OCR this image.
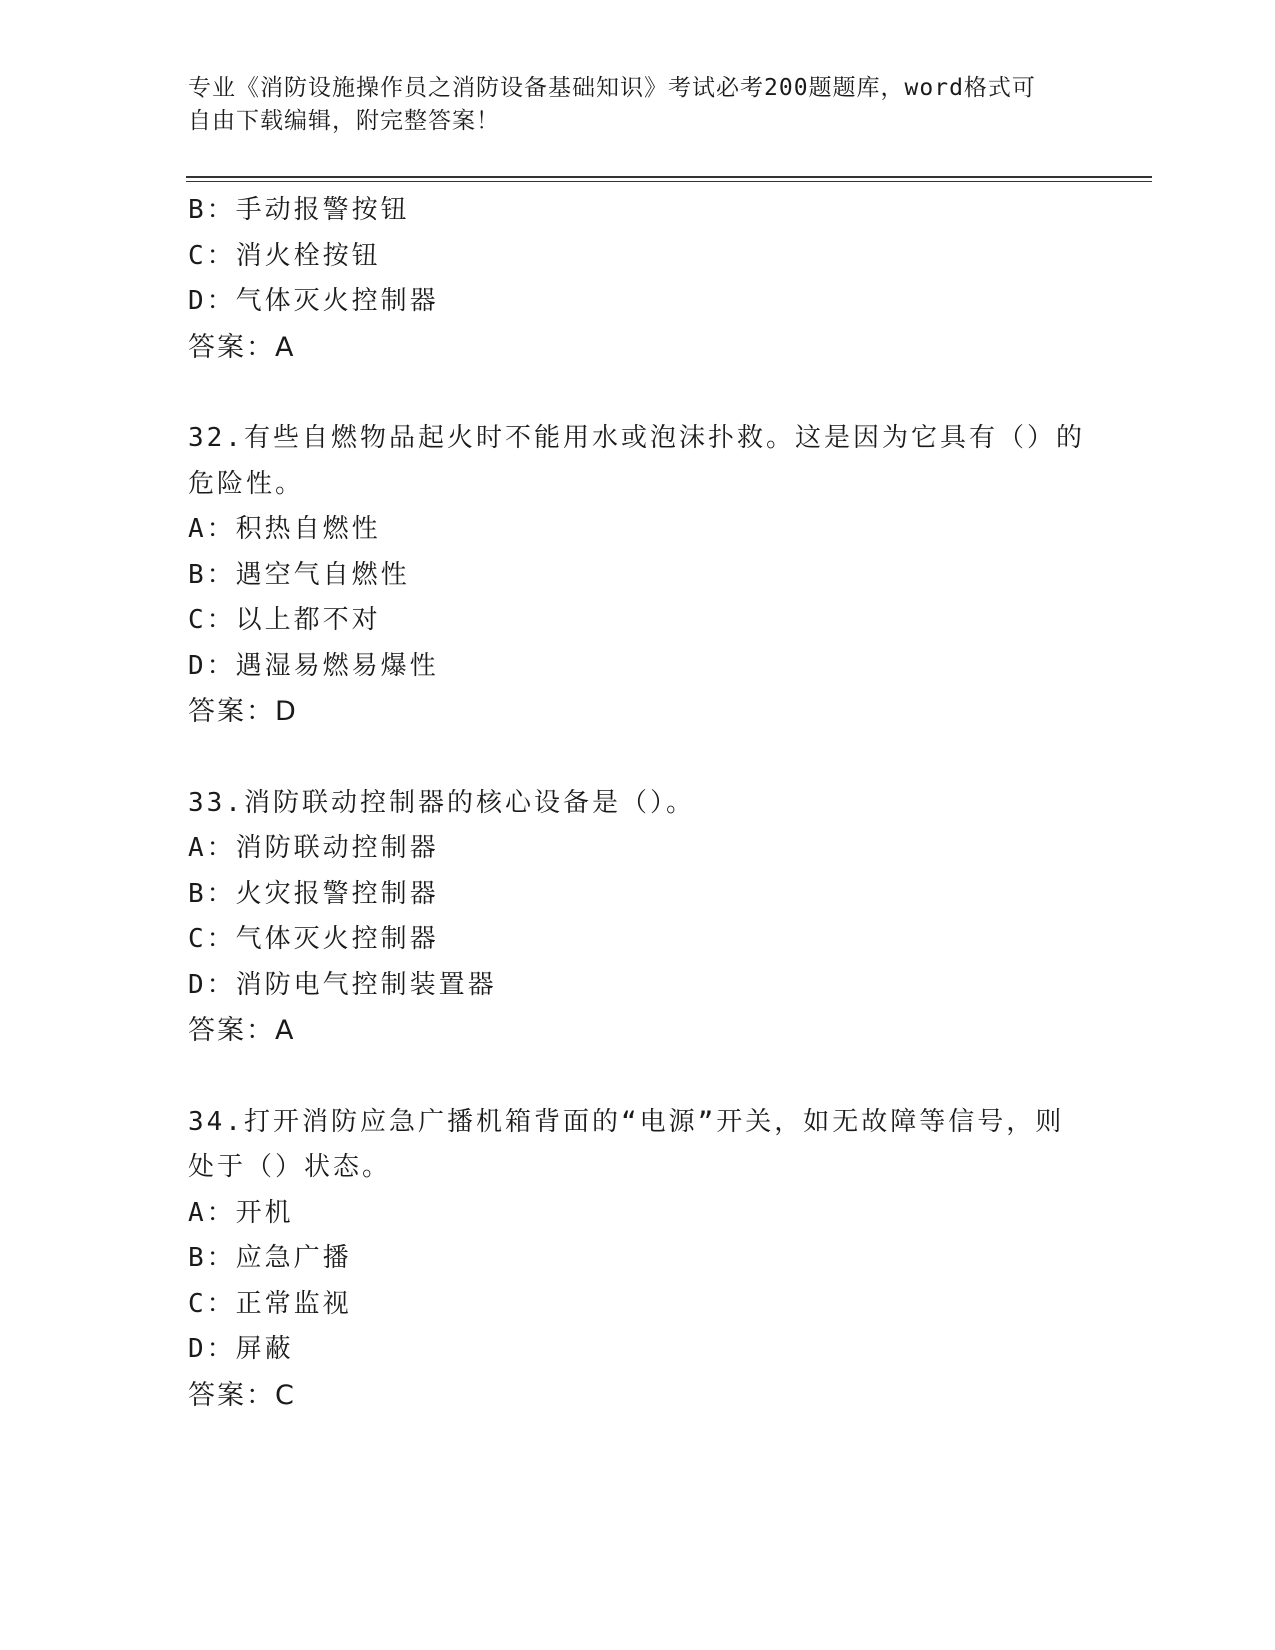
专业《消防设施操作员之消防设备基础知识》考试必考200题题库，word格式可
自由下载编辑，附完整答案！
B：手动报警按钮
C：消火栓按钮
D：气体灭火控制器
答案：A
32.有些自燃物品起火时不能用水或泡沫扑救。这是因为它具有（）的
危险性。
A：积热自燃性
B：遇空气自燃性
C：以上都不对
D：遇湿易燃易爆性
答案：D
33.消防联动控制器的核心设备是（）。
A：消防联动控制器
B：火灾报警控制器
C：气体灭火控制器
D：消防电气控制装置器
答案：A
34.打开消防应急广播机箱背面的“电源”开关，如无故障等信号，则
处于（）状态。
A：开机
B：应急广播
C：正常监视
D：屏蔽
答案：C
